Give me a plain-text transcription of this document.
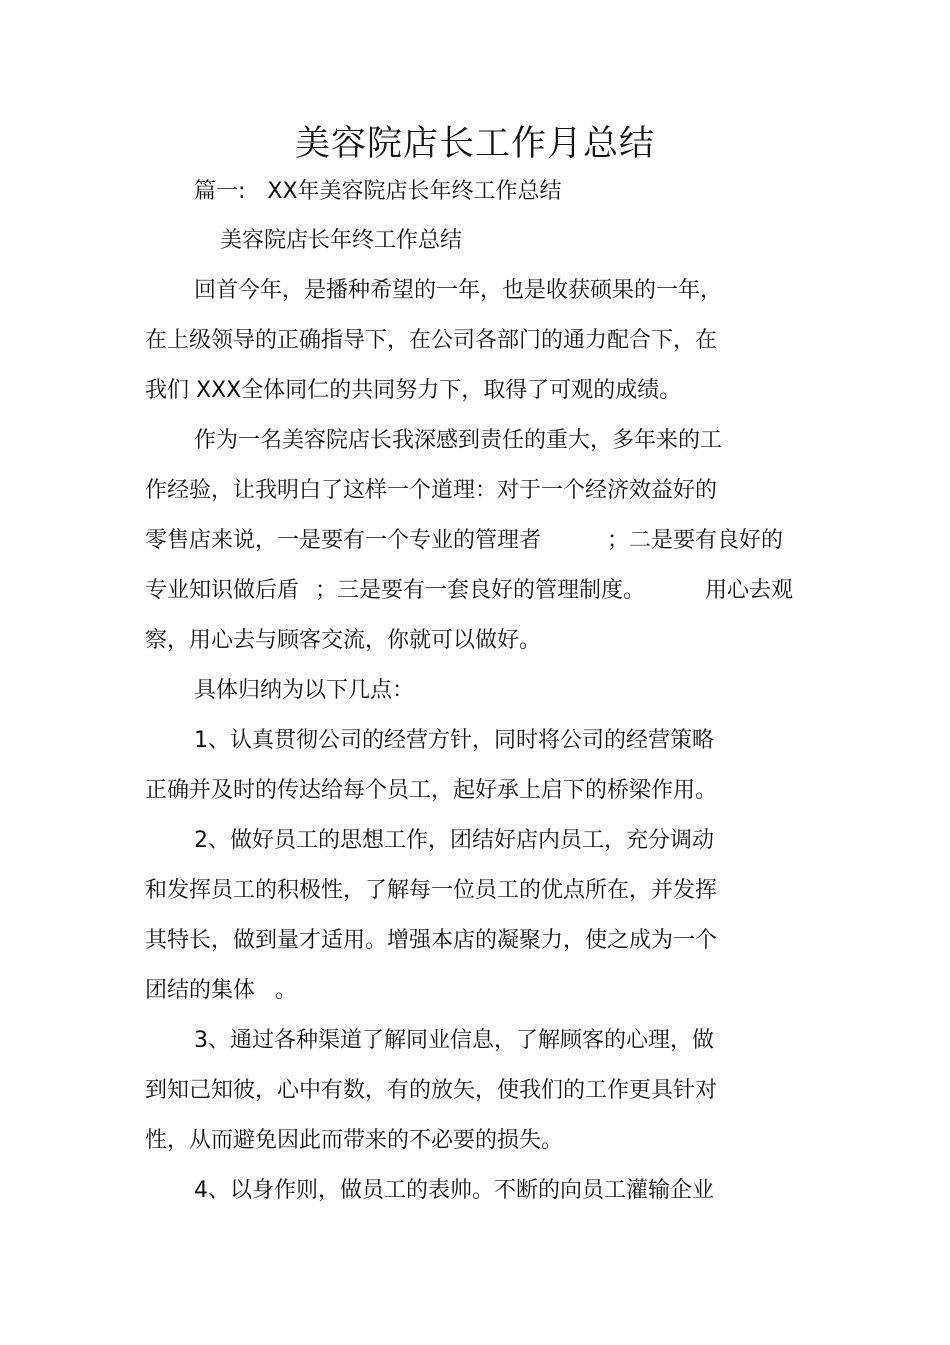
美容院店长工作月总结
篇一:　XX年美容院店长年终工作总结
美容院店长年终工作总结
回首今年，是播种希望的一年，也是收获硕果的一年，
在上级领导的正确指导下，在公司各部门的通力配合下，在
我们 XXX全体同仁的共同努力下，取得了可观的成绩。
作为一名美容院店长我深感到责任的重大，多年来的工
作经验，让我明白了这样一个道理：对于一个经济效益好的
零售店来说，一是要有一个专业的管理者	；二是要有良好的
专业知识做后盾 ；三是要有一套良好的管理制度。	用心去观
察，用心去与顾客交流，你就可以做好。
具体归纳为以下几点：
1、认真贯彻公司的经营方针，同时将公司的经营策略
正确并及时的传达给每个员工，起好承上启下的桥梁作用。
2、做好员工的思想工作，团结好店内员工，充分调动
和发挥员工的积极性，了解每一位员工的优点所在，并发挥
其特长，做到量才适用。增强本店的凝聚力，使之成为一个
团结的集体 。
3、通过各种渠道了解同业信息，了解顾客的心理，做
到知己知彼，心中有数，有的放矢，使我们的工作更具针对
性，从而避免因此而带来的不必要的损失。
4、以身作则，做员工的表帅。不断的向员工灌输企业
